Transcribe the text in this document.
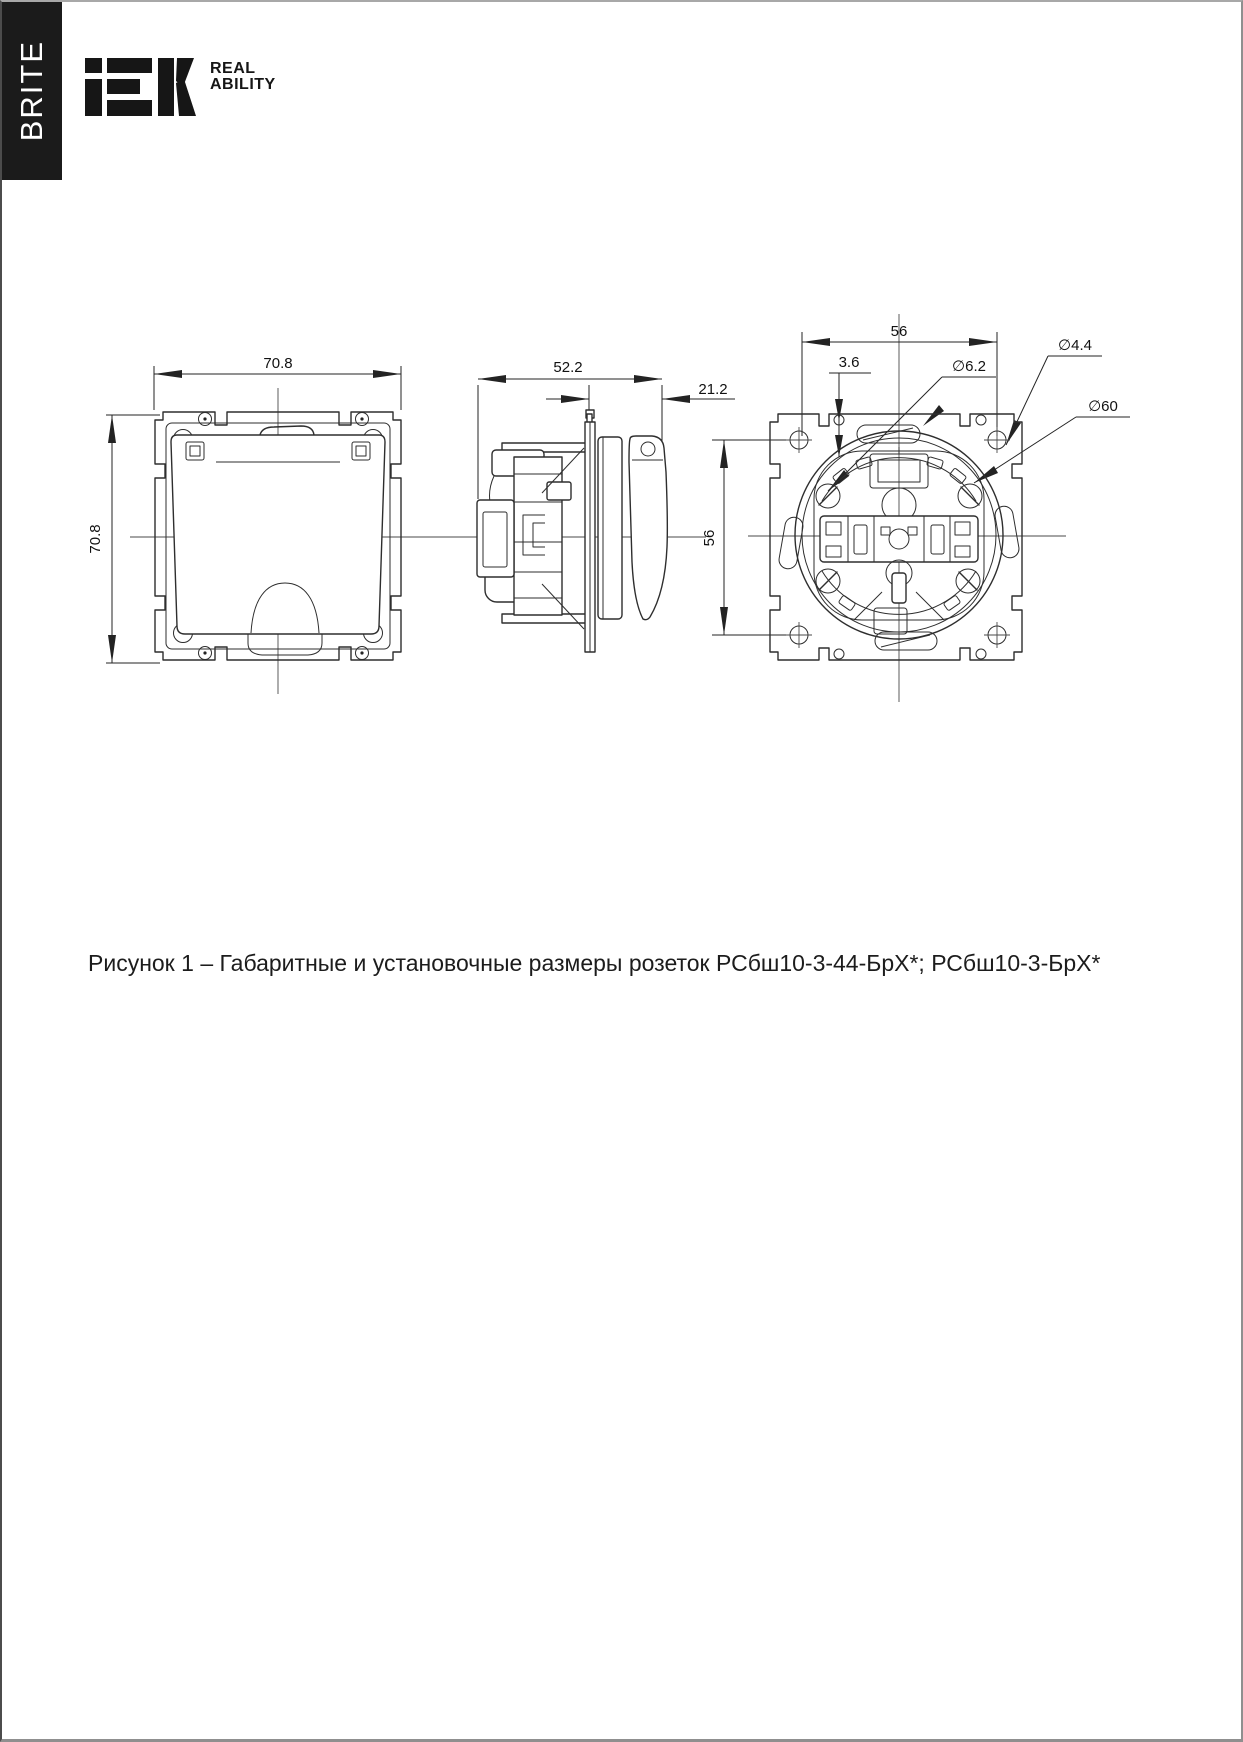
BRITE	REAL
ABILITY
70.8
70.8
52.2
21.2
56
56
3.6	∅6.2
∅4.4
∅60
Рисунок 1 – Габаритные и установочные размеры розеток РСбш10-3-44-БрХ*; РСбш10-3-БрХ*
